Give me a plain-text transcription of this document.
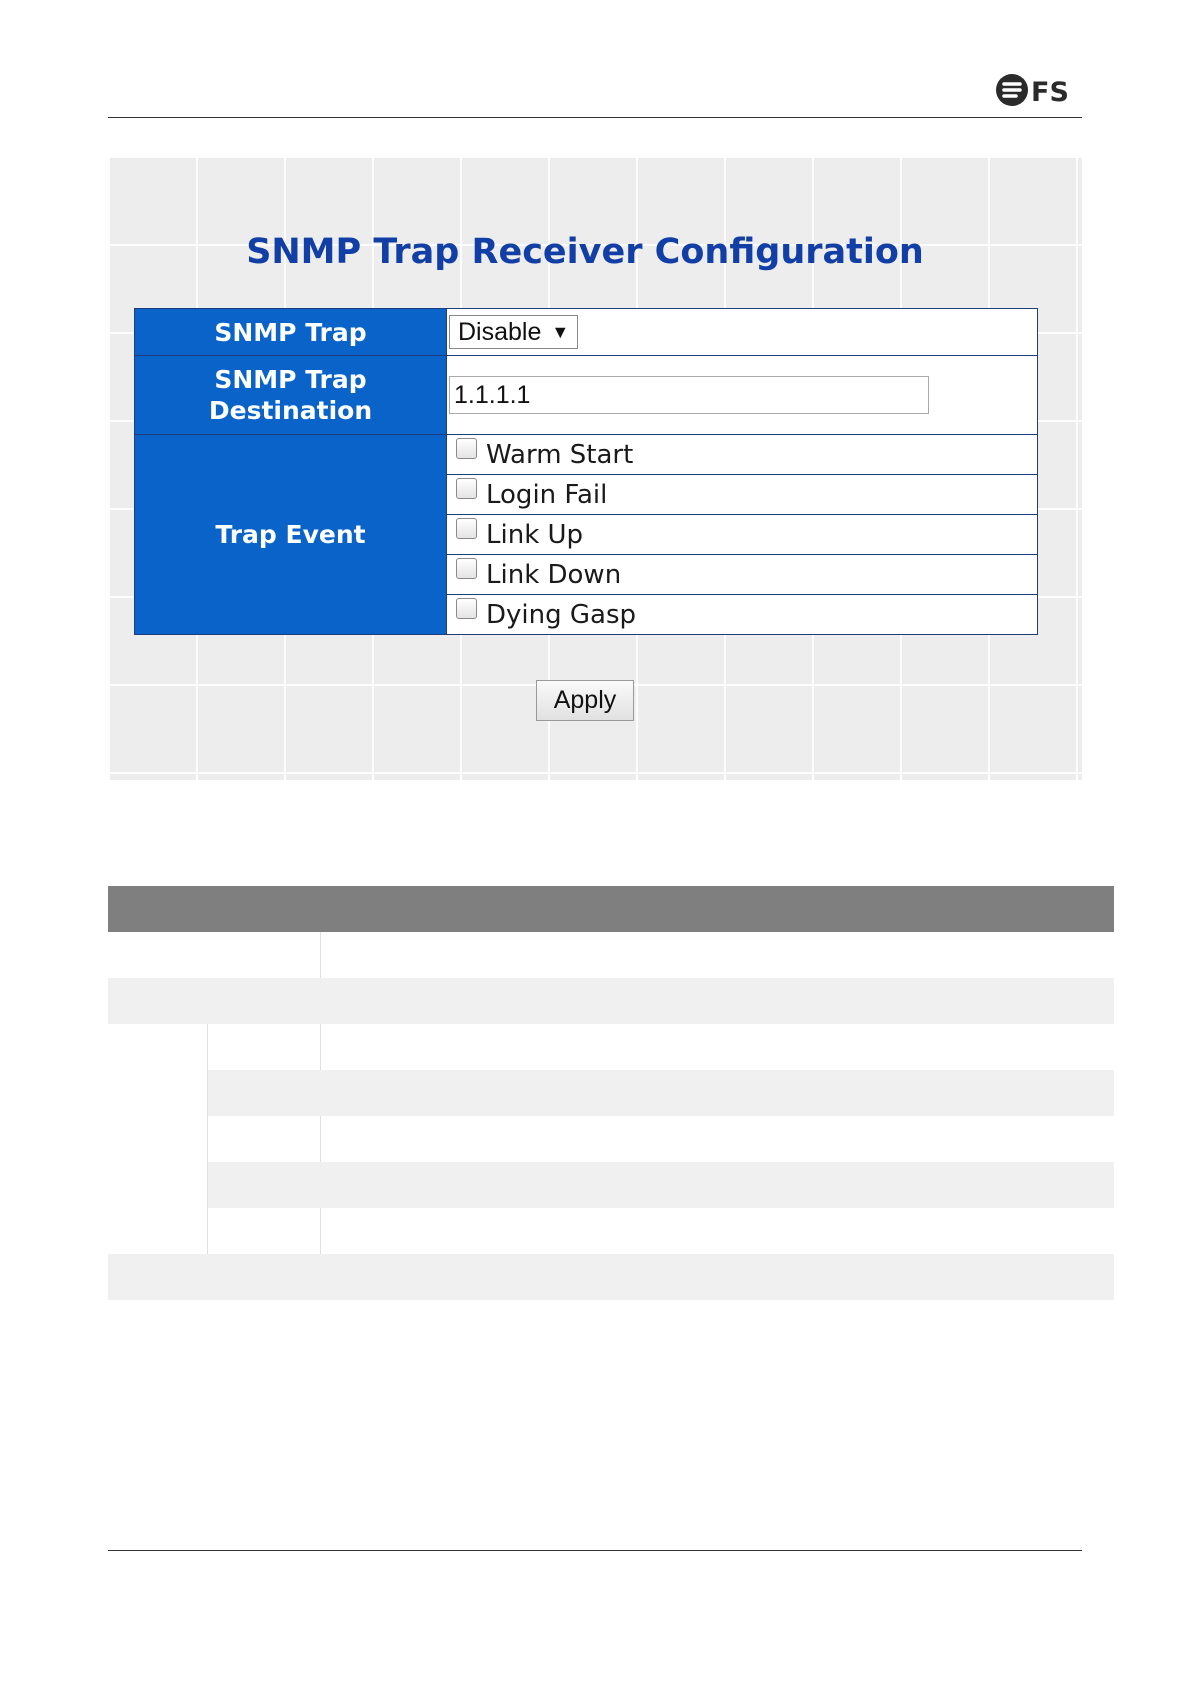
FS
SNMP Trap Receiver Configuration
SNMP Trap	Disable ▼

SNMP Trap
Destination
	1.1.1.1
Trap Event	Warm Start
	Login Fail
	Link Up
	Link Down
	Dying Gasp
Apply
